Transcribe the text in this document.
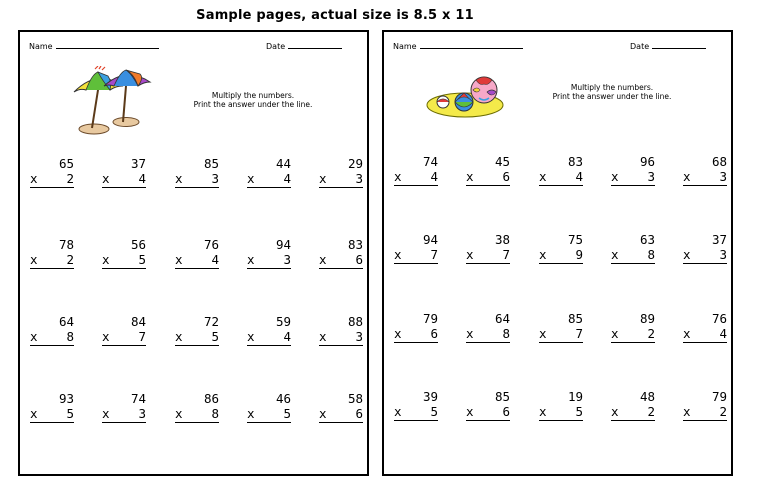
Sample pages, actual size is 8.5 x 11
Name	Date
Multiply the numbers.
Print the answer under the line.
65
x 2
37
x 4
85
x 3
44
x 4
29
x 3
78
x 2
56
x 5
76
x 4
94
x 3
83
x 6
64
x 8
84
x 7
72
x 5
59
x 4
88
x 3
93
x 5
74
x 3
86
x 8
46
x 5
58
x 6
Name	Date
Multiply the numbers.
Print the answer under the line.
74
x 4
45
x 6
83
x 4
96
x 3
68
x 3
94
x 7
38
x 7
75
x 9
63
x 8
37
x 3
79
x 6
64
x 8
85
x 7
89
x 2
76
x 4
39
x 5
85
x 6
19
x 5
48
x 2
79
x 2
